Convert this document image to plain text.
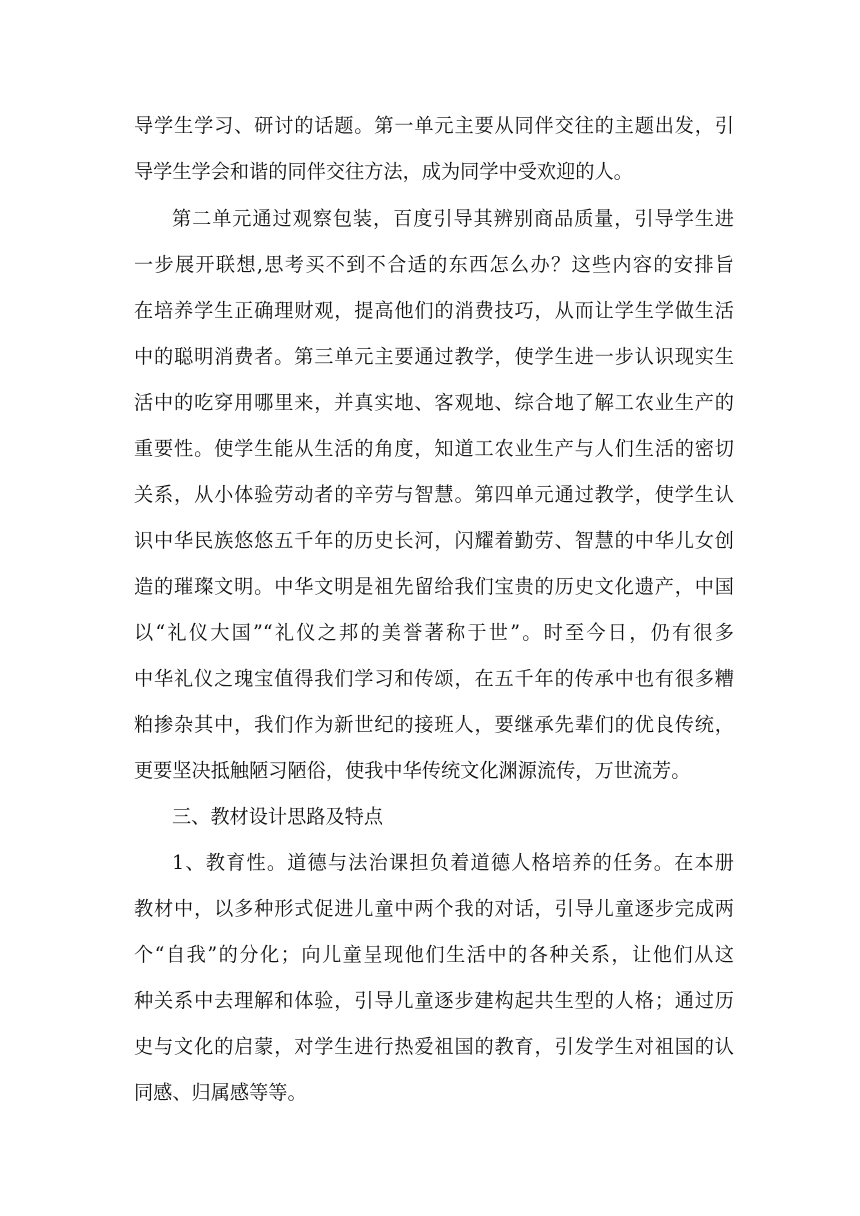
导学生学习、研讨的话题。第一单元主要从同伴交往的主题出发，引
导学生学会和谐的同伴交往方法，成为同学中受欢迎的人。
第二单元通过观察包装，百度引导其辨别商品质量，引导学生进
一步展开联想,思考买不到不合适的东西怎么办？这些内容的安排旨
在培养学生正确理财观，提高他们的消费技巧，从而让学生学做生活
中的聪明消费者。第三单元主要通过教学，使学生进一步认识现实生
活中的吃穿用哪里来，并真实地、客观地、综合地了解工农业生产的
重要性。使学生能从生活的角度，知道工农业生产与人们生活的密切
关系，从小体验劳动者的辛劳与智慧。第四单元通过教学，使学生认
识中华民族悠悠五千年的历史长河，闪耀着勤劳、智慧的中华儿女创
造的璀璨文明。中华文明是祖先留给我们宝贵的历史文化遗产，中国
以“礼仪大国”“礼仪之邦的美誉著称于世”。时至今日，仍有很多
中华礼仪之瑰宝值得我们学习和传颂，在五千年的传承中也有很多糟
粕掺杂其中，我们作为新世纪的接班人，要继承先辈们的优良传统，
更要坚决抵触陋习陋俗，使我中华传统文化渊源流传，万世流芳。
三、教材设计思路及特点
1、教育性。道德与法治课担负着道德人格培养的任务。在本册
教材中，以多种形式促进儿童中两个我的对话，引导儿童逐步完成两
个“自我”的分化；向儿童呈现他们生活中的各种关系，让他们从这
种关系中去理解和体验，引导儿童逐步建构起共生型的人格；通过历
史与文化的启蒙，对学生进行热爱祖国的教育，引发学生对祖国的认
同感、归属感等等。
